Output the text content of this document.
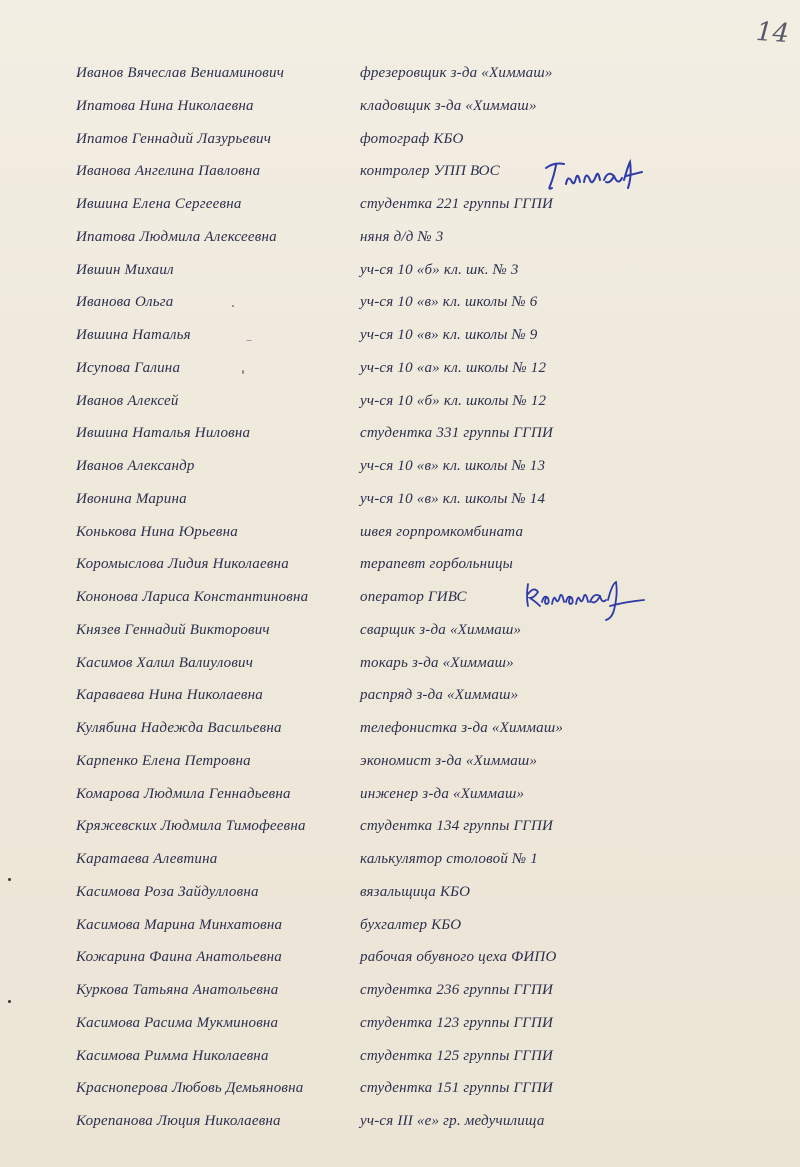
14
Иванов Вячеслав Вениаминович	фрезеровщик з-да «Химмаш»
Ипатова Нина Николаевна	кладовщик з-да «Химмаш»
Ипатов Геннадий Лазурьевич	фотограф КБО
Иванова Ангелина Павловна	контролер УПП ВОС
Ившина Елена Сергеевна	студентка 221 группы ГГПИ
Ипатова Людмила Алексеевна	няня д/д № 3
Ившин Михаил	уч-ся 10 «б» кл. шк. № 3
Иванова Ольга	уч-ся 10 «в» кл. школы № 6
Ившина Наталья	уч-ся 10 «в» кл. школы № 9
Исупова Галина	уч-ся 10 «а» кл. школы № 12
Иванов Алексей	уч-ся 10 «б» кл. школы № 12
Ившина Наталья Ниловна	студентка 331 группы ГГПИ
Иванов Александр	уч-ся 10 «в» кл. школы № 13
Ивонина Марина	уч-ся 10 «в» кл. школы № 14
Конькова Нина Юрьевна	швея горпромкомбината
Коромыслова Лидия Николаевна	терапевт горбольницы
Кононова Лариса Константиновна	оператор ГИВС
Князев Геннадий Викторович	сварщик з-да «Химмаш»
Касимов Халил Валиулович	токарь з-да «Химмаш»
Караваева Нина Николаевна	распряд з-да «Химмаш»
Кулябина Надежда Васильевна	телефонистка з-да «Химмаш»
Карпенко Елена Петровна	экономист з-да «Химмаш»
Комарова Людмила Геннадьевна	инженер з-да «Химмаш»
Кряжевских Людмила Тимофеевна	студентка 134 группы ГГПИ
Каратаева Алевтина	калькулятор столовой № 1
Касимова Роза Зайдулловна	вязальщица КБО
Касимова Марина Минхатовна	бухгалтер КБО
Кожарина Фаина Анатольевна	рабочая обувного цеха ФИПО
Куркова Татьяна Анатольевна	студентка 236 группы ГГПИ
Касимова Расима Мукминовна	студентка 123 группы ГГПИ
Касимова Римма Николаевна	студентка 125 группы ГГПИ
Красноперова Любовь Демьяновна	студентка 151 группы ГГПИ
Корепанова Люция Николаевна	уч-ся III «е» гр. медучилища
